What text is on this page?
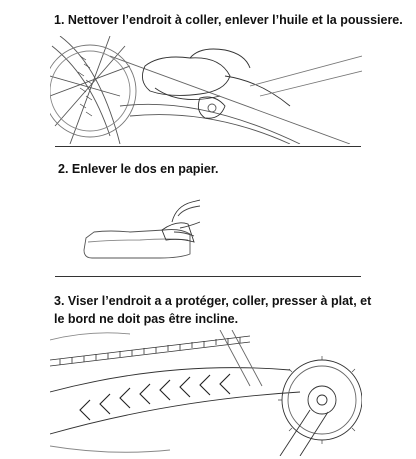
1. Nettover l’endroit à coller, enlever l’huile et la poussiere.

2. Enlever le dos en papier.

3. Viser l’endroit a a protéger, coller, presser à plat, et le bord ne doit pas être incline.
